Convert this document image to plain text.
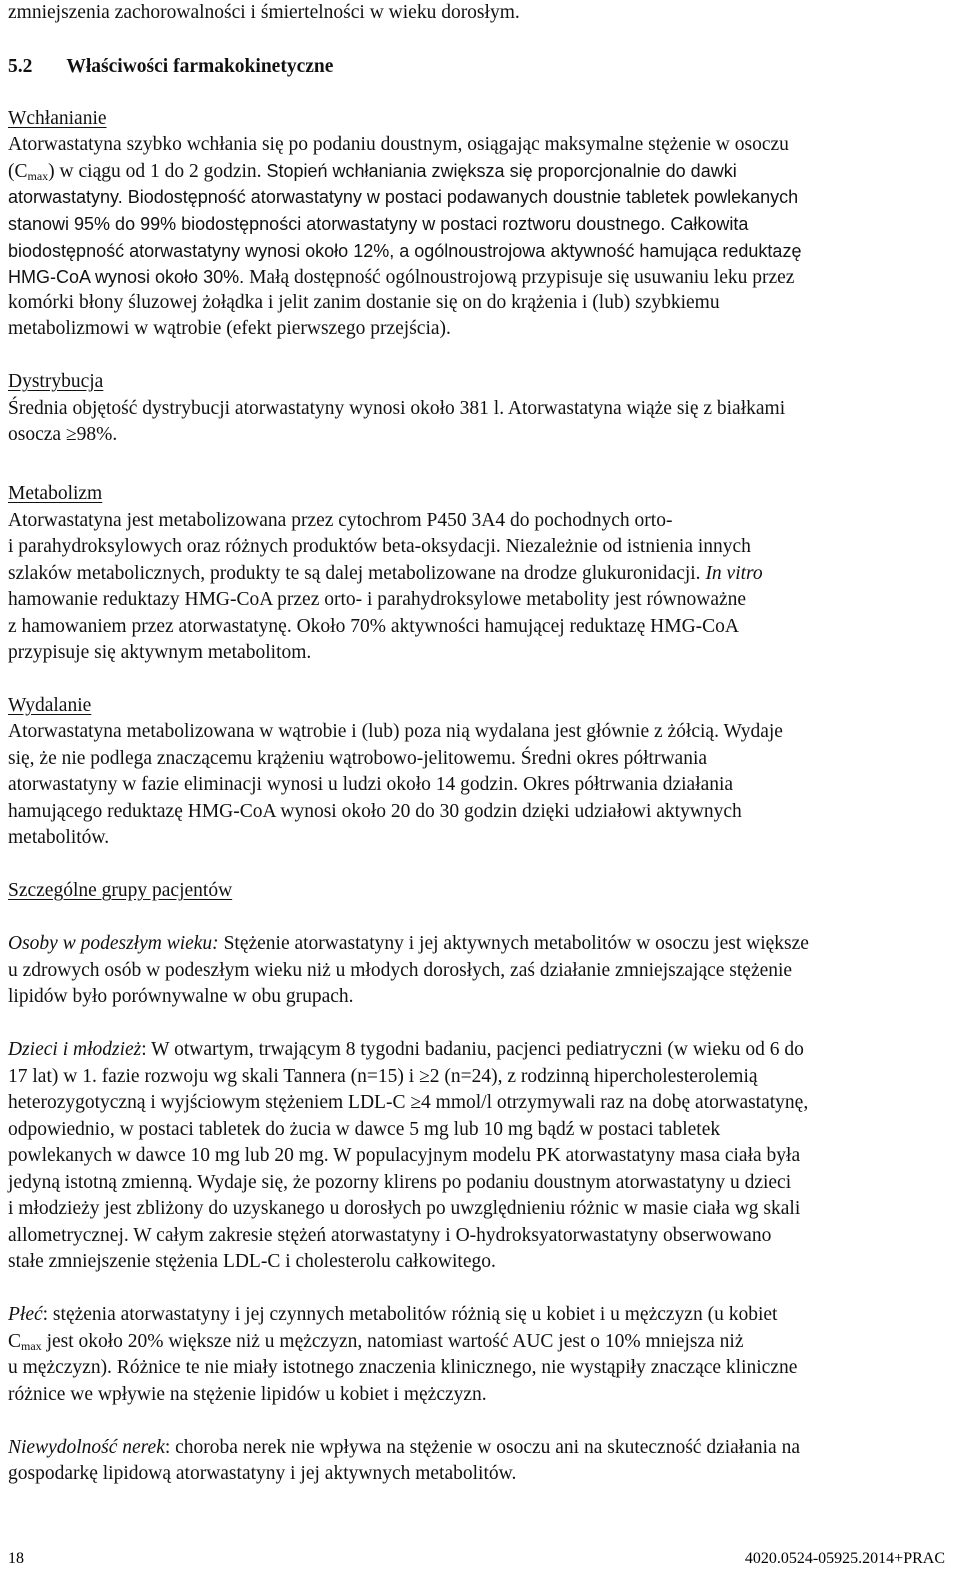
zmniejszenia zachorowalności i śmiertelności w wieku dorosłym.
5.2 Właściwości farmakokinetyczne
Wchłanianie
Atorwastatyna szybko wchłania się po podaniu doustnym, osiągając maksymalne stężenie w osoczu
$(C_{max})$ w ciągu od 1 do 2 godzin. Stopień wchłaniania zwiększa się proporcjonalnie do dawki
atorwastatyny. Biodostępność atorwastatyny w postaci podawanych doustnie tabletek powlekanych
stanowi 95% do 99% biodostępności atorwastatyny w postaci roztworu doustnego. Całkowita
biodostępność atorwastatyny wynosi około 12%, a ogólnoustrojowa aktywność hamująca reduktazę
HMG-CoA wynosi około 30%. Małą dostępność ogólnoustrojową przypisuje się usuwaniu leku przez
komórki błony śluzowej żołądka i jelit zanim dostanie się on do krążenia i (lub) szybkiemu
metabolizmowi w wątrobie (efekt pierwszego przejścia).
Dystrybucja
Średnia objętość dystrybucji atorwastatyny wynosi około 381 l. Atorwastatyna wiąże się z białkami
osocza ≥98%.
Metabolizm
Atorwastatyna jest metabolizowana przez cytochrom P450 3A4 do pochodnych orto-
i parahydroksylowych oraz różnych produktów beta-oksydacji. Niezależnie od istnienia innych
szlaków metabolicznych, produkty te są dalej metabolizowane na drodze glukuronidacji. In vitro
hamowanie reduktazy HMG-CoA przez orto- i parahydroksylowe metabolity jest równoważne
z hamowaniem przez atorwastatynę. Około 70% aktywności hamującej reduktazę HMG-CoA
przypisuje się aktywnym metabolitom.
Wydalanie
Atorwastatyna metabolizowana w wątrobie i (lub) poza nią wydalana jest głównie z żółcią. Wydaje
się, że nie podlega znaczącemu krążeniu wątrobowo-jelitowemu. Średni okres półtrwania
atorwastatyny w fazie eliminacji wynosi u ludzi około 14 godzin. Okres półtrwania działania
hamującego reduktazę HMG-CoA wynosi około 20 do 30 godzin dzięki udziałowi aktywnych
metabolitów.
Szczególne grupy pacjentów
Osoby w podeszłym wieku: Stężenie atorwastatyny i jej aktywnych metabolitów w osoczu jest większe
u zdrowych osób w podeszłym wieku niż u młodych dorosłych, zaś działanie zmniejszające stężenie
lipidów było porównywalne w obu grupach.
Dzieci i młodzież: W otwartym, trwającym 8 tygodni badaniu, pacjenci pediatryczni (w wieku od 6 do
17 lat) w 1. fazie rozwoju wg skali Tannera (n=15) i ≥2 (n=24), z rodzinną hipercholesterolemią
heterozygotyczną i wyjściowym stężeniem LDL-C ≥4 mmol/l otrzymywali raz na dobę atorwastatynę,
odpowiednio, w postaci tabletek do żucia w dawce 5 mg lub 10 mg bądź w postaci tabletek
powlekanych w dawce 10 mg lub 20 mg. W populacyjnym modelu PK atorwastatyny masa ciała była
jedyną istotną zmienną. Wydaje się, że pozorny klirens po podaniu doustnym atorwastatyny u dzieci
i młodzieży jest zbliżony do uzyskanego u dorosłych po uwzględnieniu różnic w masie ciała wg skali
allometrycznej. W całym zakresie stężeń atorwastatyny i O-hydroksyatorwastatyny obserwowano
stałe zmniejszenie stężenia LDL-C i cholesterolu całkowitego.
Płeć: stężenia atorwastatyny i jej czynnych metabolitów różnią się u kobiet i u mężczyzn (u kobiet
$C_{max}$ jest około 20% większe niż u mężczyzn, natomiast wartość AUC jest o 10% mniejsza niż
u mężczyzn). Różnice te nie miały istotnego znaczenia klinicznego, nie wystąpiły znaczące kliniczne
różnice we wpływie na stężenie lipidów u kobiet i mężczyzn.
Niewydolność nerek: choroba nerek nie wpływa na stężenie w osoczu ani na skuteczność działania na
gospodarkę lipidową atorwastatyny i jej aktywnych metabolitów.
18	4020.0524-05925.2014+PRAC
